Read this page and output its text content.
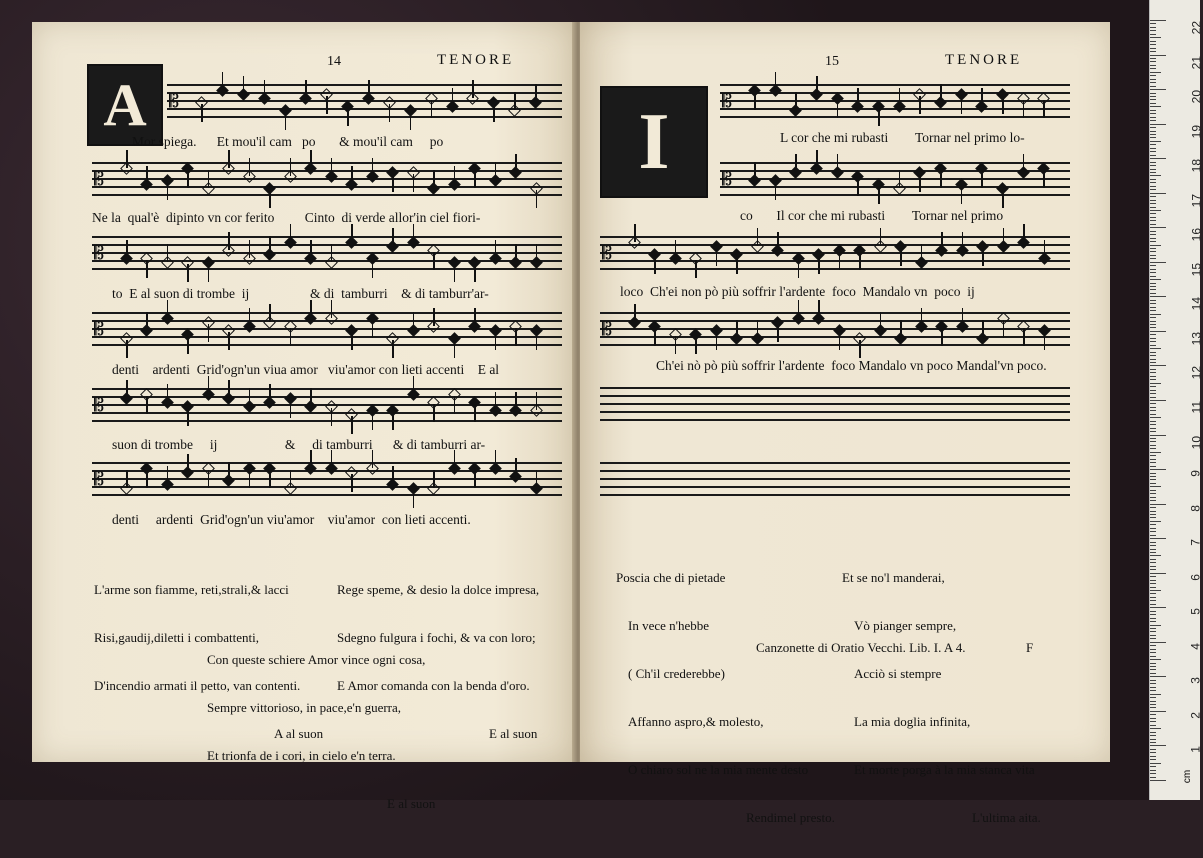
14	TENORE
A	𝄡
𝄡
𝄡
𝄡
𝄡
𝄡
Mor spiega.      Et mou'il cam   po       & mou'il cam     po
Ne la  qual'è  dipinto vn cor ferito         Cinto  di verde allor'in ciel fiori-
to  E al suon di trombe  ij                  & di  tamburri    & di tamburr'ar-
denti    ardenti  Grid'ogn'un viua amor   viu'amor con lieti accenti    E al
suon di trombe     ij                    &     di tamburri      & di tamburri ar-
denti     ardenti  Grid'ogn'un viu'amor    viu'amor  con lieti accenti.

L'arme son fiamme, reti,strali,& lacci

Risi,gaudij,diletti i combattenti,

D'incendio armati il petto, van contenti.

A al suon

Rege speme, & desio la dolce impresa,

Sdegno fulgura i fochi, & va con loro;

E Amor comanda con la benda d'oro.

E al suon

Con queste schiere Amor vince ogni cosa,

Sempre vittorioso, in pace,e'n guerra,

Et trionfa de i cori, in cielo e'n terra.

E al suon

15	TENORE
I	𝄡
𝄡
𝄡
𝄡
L cor che mi rubasti        Tornar nel primo lo-
co       Il cor che mi rubasti        Tornar nel primo
loco  Ch'ei non pò più soffrir l'ardente  foco  Mandalo vn  poco  ij
Ch'ei nò pò più soffrir l'ardente  foco Mandalo vn poco Mandal'vn poco.

Poscia che di pietade

In vece n'hebbe

( Ch'il crederebbe)

Affanno aspro,& molesto,

O chiaro sol ne la mia mente desto

Rendimel presto.

Et se no'l manderai,

Vò pianger sempre,

Acciò si stempre

La mia doglia infinita,

Et morte porga à la mia stanca vita

L'ultima aita.

Canzonette di Oratio Vecchi. Lib. I. A 4.	F
1
2
3
4
5
6
7
8
9
10
11
12
13
14
15
16
17
18
19
20
21
22
cm
